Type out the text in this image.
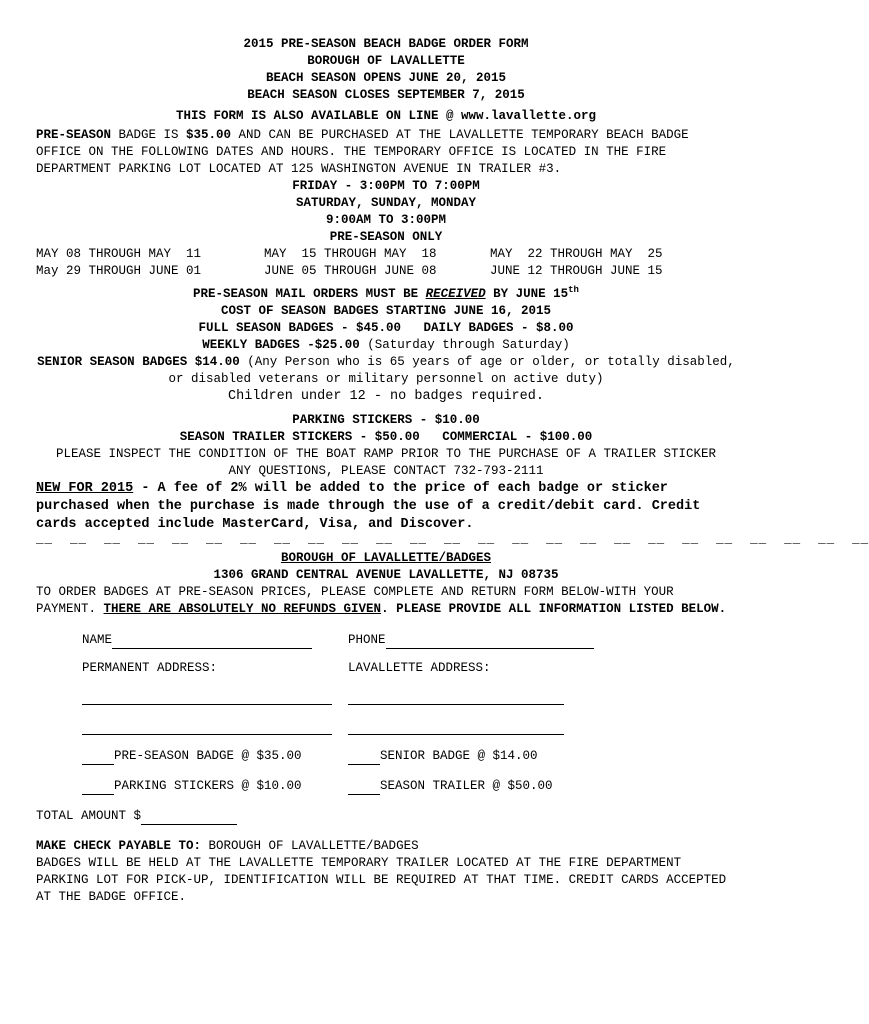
2015 PRE-SEASON BEACH BADGE ORDER FORM
BOROUGH OF LAVALLETTE
BEACH SEASON OPENS JUNE 20, 2015
BEACH SEASON CLOSES SEPTEMBER 7, 2015
THIS FORM IS ALSO AVAILABLE ON LINE @ www.lavallette.org

PRE-SEASON BADGE IS $35.00 AND CAN BE PURCHASED AT THE LAVALLETTE TEMPORARY BEACH BADGE OFFICE ON THE FOLLOWING DATES AND HOURS. THE TEMPORARY OFFICE IS LOCATED IN THE FIRE DEPARTMENT PARKING LOT LOCATED AT 125 WASHINGTON AVENUE IN TRAILER #3.

FRIDAY - 3:00PM TO 7:00PM
SATURDAY, SUNDAY, MONDAY
9:00AM TO 3:00PM
PRE-SEASON ONLY
MAY 08 THROUGH MAY  11	MAY  15 THROUGH MAY  18	MAY  22 THROUGH MAY  25
May 29 THROUGH JUNE 01	JUNE 05 THROUGH JUNE 08	JUNE 12 THROUGH JUNE 15
PRE-SEASON MAIL ORDERS MUST BE RECEIVED BY JUNE 15th
COST OF SEASON BADGES STARTING JUNE 16, 2015
FULL SEASON BADGES - $45.00 DAILY BADGES - $8.00
WEEKLY BADGES -$25.00 (Saturday through Saturday)
SENIOR SEASON BADGES $14.00 (Any Person who is 65 years of age or older, or totally disabled, or disabled veterans or military personnel on active duty)
Children under 12 - no badges required.
PARKING STICKERS - $10.00
SEASON TRAILER STICKERS - $50.00 COMMERCIAL - $100.00
PLEASE INSPECT THE CONDITION OF THE BOAT RAMP PRIOR TO THE PURCHASE OF A TRAILER STICKER
ANY QUESTIONS, PLEASE CONTACT 732-793-2111

NEW FOR 2015 - A fee of 2% will be added to the price of each badge or sticker purchased when the purchase is made through the use of a credit/debit card. Credit cards accepted include MasterCard, Visa, and Discover.

__  __  __  __  __  __  __  __  __  __  __  __  __  __  __  __  __  __  __  __  __  __  __  __  __
BOROUGH OF LAVALLETTE/BADGES
1306 GRAND CENTRAL AVENUE LAVALLETTE, NJ 08735

TO ORDER BADGES AT PRE-SEASON PRICES, PLEASE COMPLETE AND RETURN FORM BELOW-WITH YOUR PAYMENT. THERE ARE ABSOLUTELY NO REFUNDS GIVEN. PLEASE PROVIDE ALL INFORMATION LISTED BELOW.

NAME	PHONE
PERMANENT ADDRESS:	LAVALLETTE ADDRESS:
PRE-SEASON BADGE @ $35.00	SENIOR BADGE @ $14.00
PARKING STICKERS @ $10.00	SEASON TRAILER @ $50.00
TOTAL AMOUNT $

MAKE CHECK PAYABLE TO: BOROUGH OF LAVALLETTE/BADGES

BADGES WILL BE HELD AT THE LAVALLETTE TEMPORARY TRAILER LOCATED AT THE FIRE DEPARTMENT PARKING LOT FOR PICK-UP, IDENTIFICATION WILL BE REQUIRED AT THAT TIME. CREDIT CARDS ACCEPTED AT THE BADGE OFFICE.
